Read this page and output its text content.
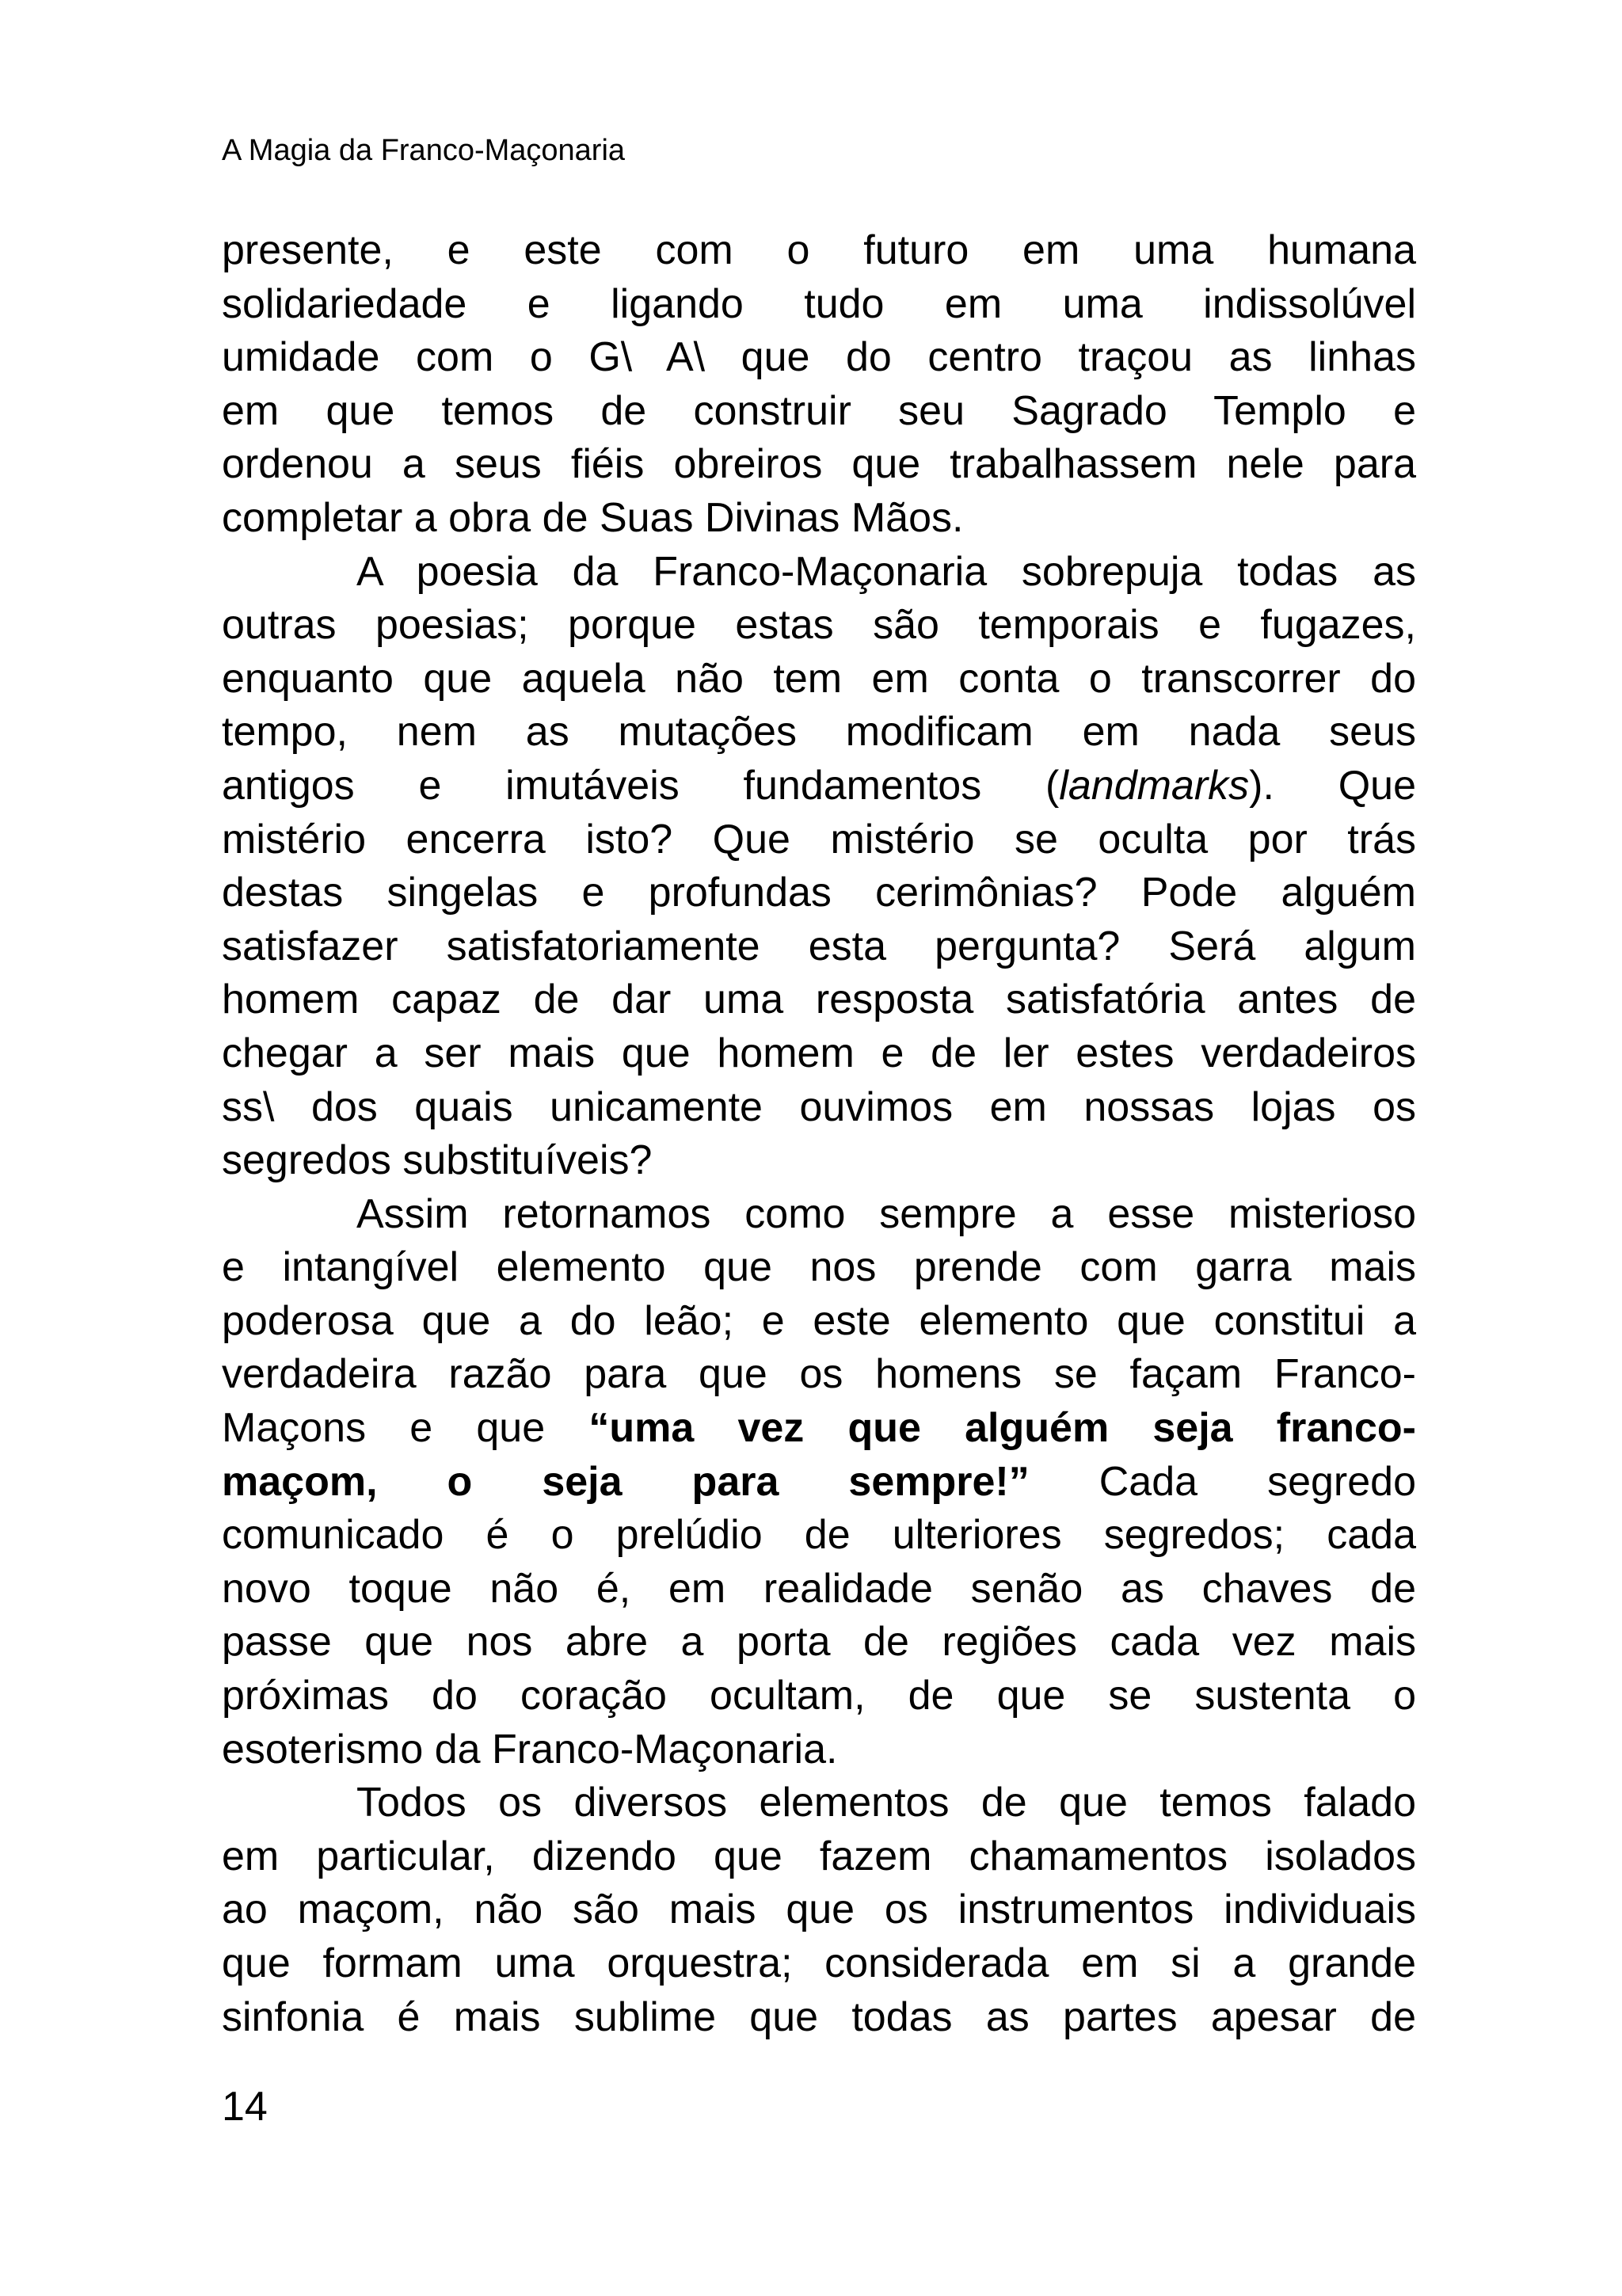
A Magia da Franco-Maçonaria
presente, e este com o futuro em uma humana
solidariedade e ligando tudo em uma indissolúvel
umidade com o G\ A\ que do centro traçou as linhas
em que temos de construir seu Sagrado Templo e
ordenou a seus fiéis obreiros que trabalhassem nele para
completar a obra de Suas Divinas Mãos.
A poesia da Franco-Maçonaria sobrepuja todas as
outras poesias; porque estas são temporais e fugazes,
enquanto que aquela não tem em conta o transcorrer do
tempo, nem as mutações modificam em nada seus
antigos e imutáveis fundamentos (landmarks). Que
mistério encerra isto? Que mistério se oculta por trás
destas singelas e profundas cerimônias? Pode alguém
satisfazer satisfatoriamente esta pergunta? Será algum
homem capaz de dar uma resposta satisfatória antes de
chegar a ser mais que homem e de ler estes verdadeiros
ss\ dos quais unicamente ouvimos em nossas lojas os
segredos substituíveis?
Assim retornamos como sempre a esse misterioso
e intangível elemento que nos prende com garra mais
poderosa que a do leão; e este elemento que constitui a
verdadeira razão para que os homens se façam Franco-
Maçons e que “uma vez que alguém seja franco-
maçom, o seja para sempre!” Cada segredo
comunicado é o prelúdio de ulteriores segredos; cada
novo toque não é, em realidade senão as chaves de
passe que nos abre a porta de regiões cada vez mais
próximas do coração ocultam, de que se sustenta o
esoterismo da Franco-Maçonaria.
Todos os diversos elementos de que temos falado
em particular, dizendo que fazem chamamentos isolados
ao maçom, não são mais que os instrumentos individuais
que formam uma orquestra; considerada em si a grande
sinfonia é mais sublime que todas as partes apesar de
14
